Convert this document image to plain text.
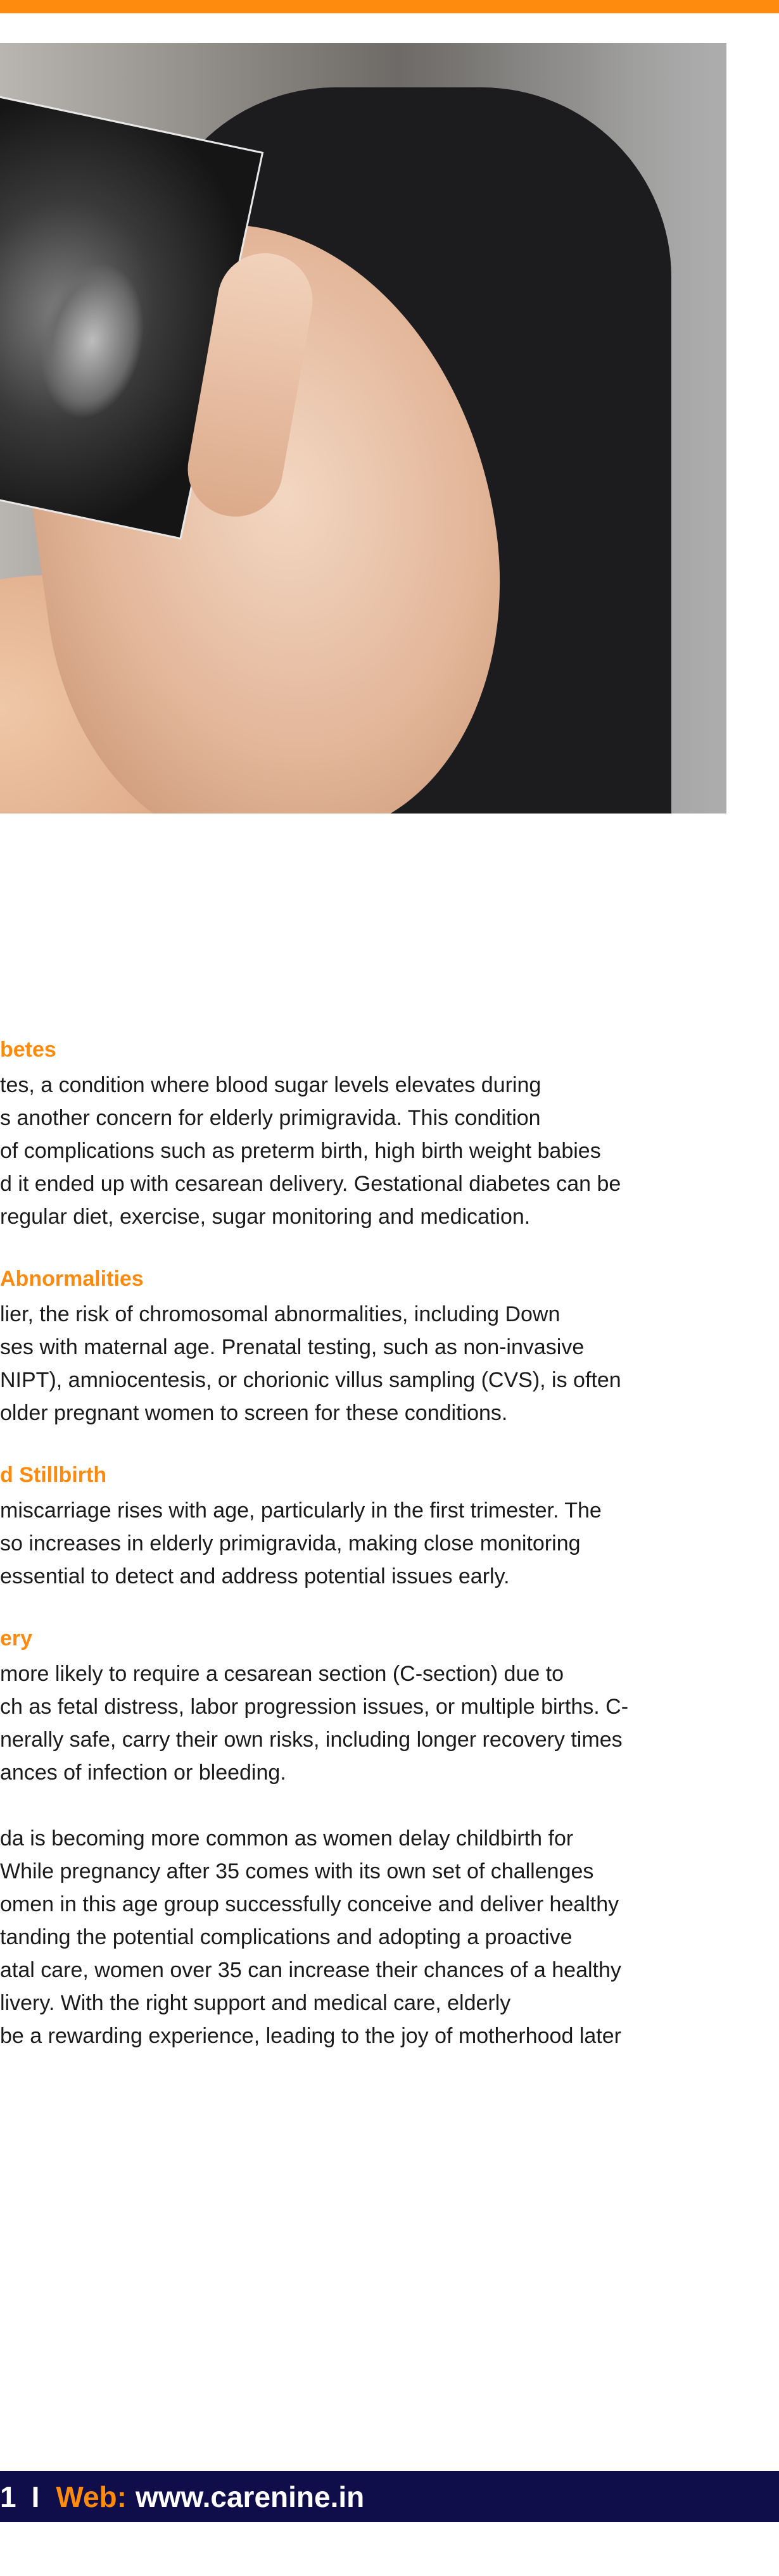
betes

tes, a condition where blood sugar levels elevates during
s another concern for elderly primigravida. This condition
of complications such as preterm birth, high birth weight babies
d it ended up with cesarean delivery. Gestational diabetes can be
regular diet, exercise, sugar monitoring and medication.

Abnormalities

lier, the risk of chromosomal abnormalities, including Down
ses with maternal age. Prenatal testing, such as non-invasive
NIPT), amniocentesis, or chorionic villus sampling (CVS), is often
older pregnant women to screen for these conditions.

d Stillbirth

miscarriage rises with age, particularly in the first trimester. The
so increases in elderly primigravida, making close monitoring
essential to detect and address potential issues early.

ery

more likely to require a cesarean section (C-section) due to
ch as fetal distress, labor progression issues, or multiple births. C-
nerally safe, carry their own risks, including longer recovery times
ances of infection or bleeding.

da is becoming more common as women delay childbirth for
While pregnancy after 35 comes with its own set of challenges
omen in this age group successfully conceive and deliver healthy
tanding the potential complications and adopting a proactive
atal care, women over 35 can increase their chances of a healthy
livery. With the right support and medical care, elderly
be a rewarding experience, leading to the joy of motherhood later

1 I Web: www.carenine.in
